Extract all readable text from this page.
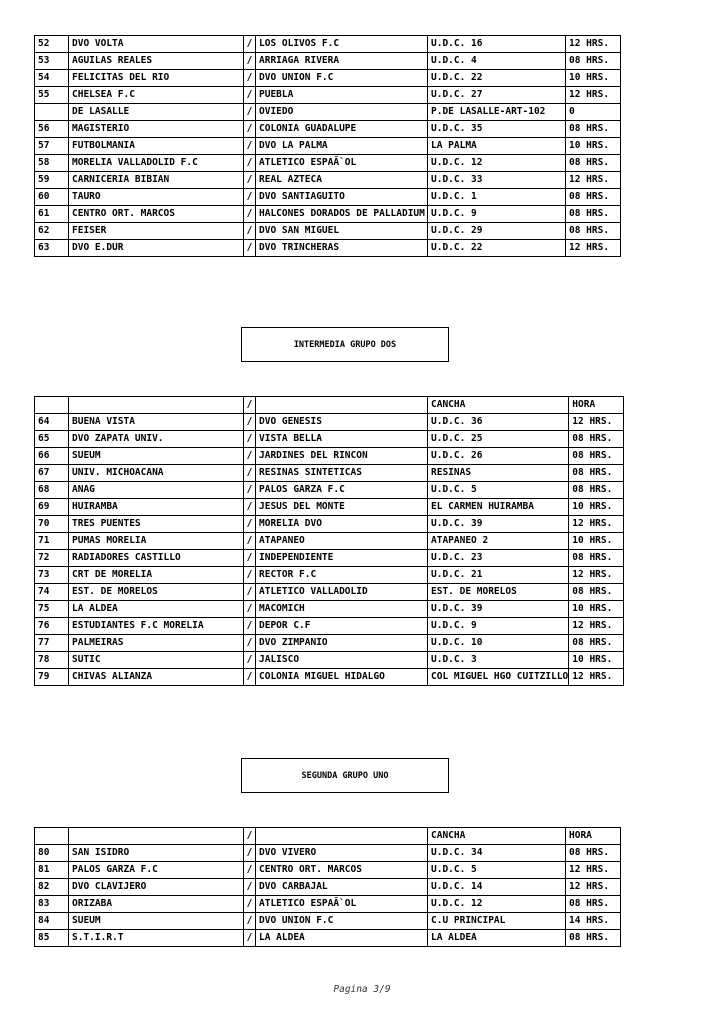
52	DVO VOLTA	/	LOS OLIVOS F.C	U.D.C. 16	12 HRS.
53	AGUILAS REALES	/	ARRIAGA RIVERA	U.D.C. 4	08 HRS.
54	FELICITAS DEL RIO	/	DVO UNION F.C	U.D.C. 22	10 HRS.
55	CHELSEA F.C	/	PUEBLA	U.D.C. 27	12 HRS.
	DE LASALLE	/	OVIEDO	P.DE LASALLE-ART-102	0
56	MAGISTERIO	/	COLONIA GUADALUPE	U.D.C. 35	08 HRS.
57	FUTBOLMANIA	/	DVO LA PALMA	LA PALMA	10 HRS.
58	MORELIA VALLADOLID F.C	/	ATLETICO ESPAÃ`OL	U.D.C. 12	08 HRS.
59	CARNICERIA BIBIAN	/	REAL AZTECA	U.D.C. 33	12 HRS.
60	TAURO	/	DVO SANTIAGUITO	U.D.C. 1	08 HRS.
61	CENTRO ORT. MARCOS	/	HALCONES DORADOS DE PALLADIUM	U.D.C. 9	08 HRS.
62	FEISER	/	DVO SAN MIGUEL	U.D.C. 29	08 HRS.
63	DVO E.DUR	/	DVO TRINCHERAS	U.D.C. 22	12 HRS.
INTERMEDIA GRUPO DOS
		/		CANCHA	HORA
64	BUENA VISTA	/	DVO GENESIS	U.D.C. 36	12 HRS.
65	DVO ZAPATA UNIV.	/	VISTA BELLA	U.D.C. 25	08 HRS.
66	SUEUM	/	JARDINES DEL RINCON	U.D.C. 26	08 HRS.
67	UNIV. MICHOACANA	/	RESINAS SINTETICAS	RESINAS	08 HRS.
68	ANAG	/	PALOS GARZA F.C	U.D.C. 5	08 HRS.
69	HUIRAMBA	/	JESUS DEL MONTE	EL CARMEN HUIRAMBA	10 HRS.
70	TRES PUENTES	/	MORELIA DVO	U.D.C. 39	12 HRS.
71	PUMAS MORELIA	/	ATAPANEO	ATAPANEO 2	10 HRS.
72	RADIADORES CASTILLO	/	INDEPENDIENTE	U.D.C. 23	08 HRS.
73	CRT DE MORELIA	/	RECTOR F.C	U.D.C. 21	12 HRS.
74	EST. DE MORELOS	/	ATLETICO VALLADOLID	EST. DE MORELOS	08 HRS.
75	LA ALDEA	/	MACOMICH	U.D.C. 39	10 HRS.
76	ESTUDIANTES F.C MORELIA	/	DEPOR C.F	U.D.C. 9	12 HRS.
77	PALMEIRAS	/	DVO ZIMPANIO	U.D.C. 10	08 HRS.
78	SUTIC	/	JALISCO	U.D.C. 3	10 HRS.
79	CHIVAS ALIANZA	/	COLONIA MIGUEL HIDALGO	COL MIGUEL HGO CUITZILLO	12 HRS.
SEGUNDA GRUPO UNO
		/		CANCHA	HORA
80	SAN ISIDRO	/	DVO VIVERO	U.D.C. 34	08 HRS.
81	PALOS GARZA F.C	/	CENTRO ORT. MARCOS	U.D.C. 5	12 HRS.
82	DVO CLAVIJERO	/	DVO CARBAJAL	U.D.C. 14	12 HRS.
83	ORIZABA	/	ATLETICO ESPAÃ`OL	U.D.C. 12	08 HRS.
84	SUEUM	/	DVO UNION F.C	C.U PRINCIPAL	14 HRS.
85	S.T.I.R.T	/	LA ALDEA	LA ALDEA	08 HRS.
Pagina 3/9
